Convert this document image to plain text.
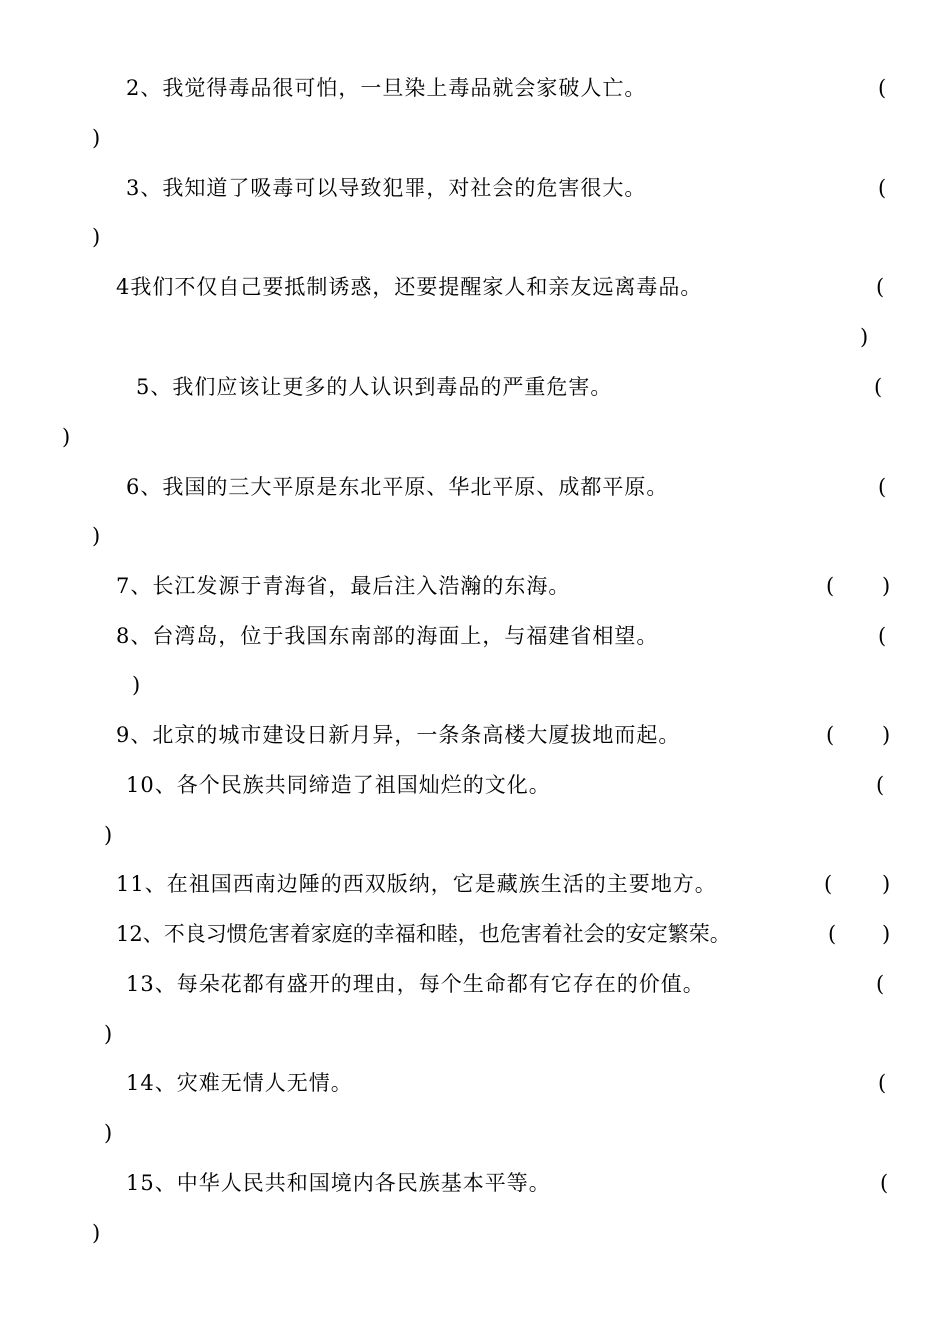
2、我觉得毒品很可怕，一旦染上毒品就会家破人亡。	(
)
3、我知道了吸毒可以导致犯罪，对社会的危害很大。	(
)
4我们不仅自己要抵制诱惑，还要提醒家人和亲友远离毒品。	(
)
5、我们应该让更多的人认识到毒品的严重危害。	(
)
6、我国的三大平原是东北平原、华北平原、成都平原。	(
)
7、长江发源于青海省，最后注入浩瀚的东海。	( )
8、台湾岛，位于我国东南部的海面上，与福建省相望。	(
)
9、北京的城市建设日新月异，一条条高楼大厦拔地而起。	( )
10、各个民族共同缔造了祖国灿烂的文化。	(
)
11、在祖国西南边陲的西双版纳，它是藏族生活的主要地方。	( )
12、不良习惯危害着家庭的幸福和睦，也危害着社会的安定繁荣。	( )
13、每朵花都有盛开的理由，每个生命都有它存在的价值。	(
)
14、灾难无情人无情。	(
)
15、中华人民共和国境内各民族基本平等。	(
)
